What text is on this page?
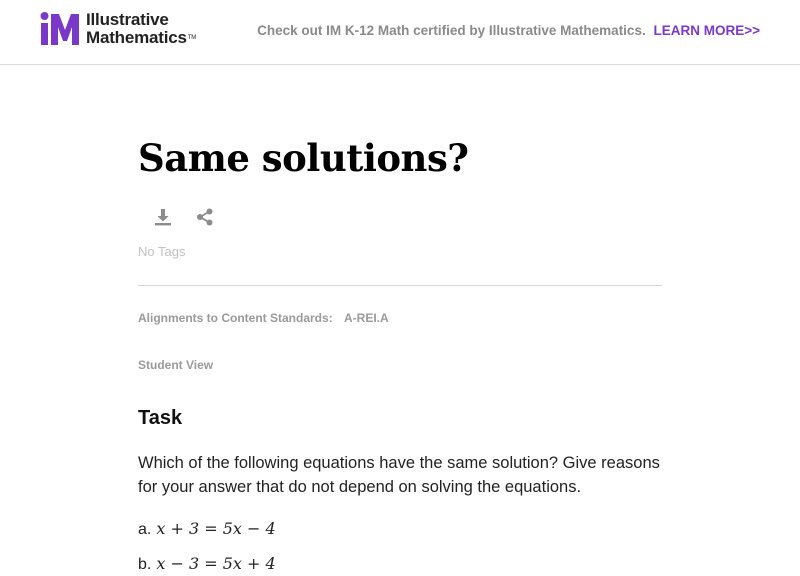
Illustrative
Mathematics™	Check out IM K-12 Math certified by Illustrative Mathematics. LEARN MORE>>
Same solutions?
No Tags
Alignments to Content Standards: A-REI.A
Student View
Task

Which of the following equations have the same solution? Give reasons for your answer that do not depend on solving the equations.

a. x + 3 = 5x − 4
b. x − 3 = 5x + 4
